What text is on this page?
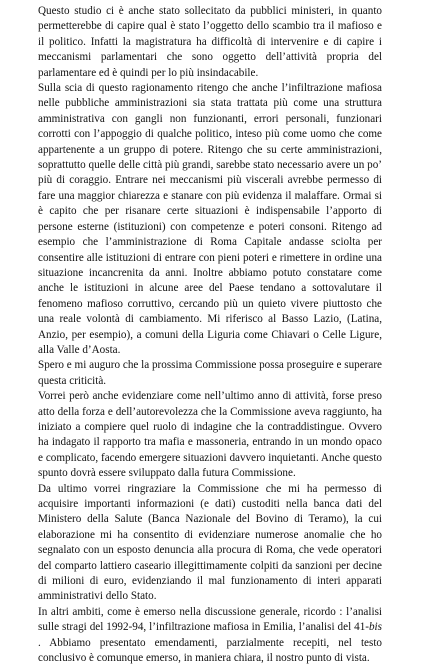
Questo studio ci è anche stato sollecitato da pubblici ministeri, in quanto permetterebbe di capire qual è stato l’oggetto dello scambio tra il mafioso e il politico. Infatti la magistratura ha difficoltà di intervenire e di capire i meccanismi parlamentari che sono oggetto dell’attività propria del parlamentare ed è quindi per lo più insindacabile.

Sulla scia di questo ragionamento ritengo che anche l’infiltrazione mafiosa nelle pubbliche amministrazioni sia stata trattata più come una struttura amministrativa con gangli non funzionanti, errori personali, funzionari corrotti con l’appoggio di qualche politico, inteso più come uomo che come appartenente a un gruppo di potere. Ritengo che su certe amministrazioni, soprattutto quelle delle città più grandi, sarebbe stato necessario avere un po’ più di coraggio. Entrare nei meccanismi più viscerali avrebbe permesso di fare una maggior chiarezza e stanare con più evidenza il malaffare. Ormai si è capito che per risanare certe situazioni è indispensabile l’apporto di persone esterne (istituzioni) con competenze e poteri consoni. Ritengo ad esempio che l’amministrazione di Roma Capitale andasse sciolta per consentire alle istituzioni di entrare con pieni poteri e rimettere in ordine una situazione incancrenita da anni. Inoltre abbiamo potuto constatare come anche le istituzioni in alcune aree del Paese tendano a sottovalutare il fenomeno mafioso corruttivo, cercando più un quieto vivere piuttosto che una reale volontà di cambiamento. Mi riferisco al Basso Lazio, (Latina, Anzio, per esempio), a comuni della Liguria come Chiavari o Celle Ligure, alla Valle d’Aosta.

Spero e mi auguro che la prossima Commissione possa proseguire e superare questa criticità.

Vorrei però anche evidenziare come nell’ultimo anno di attività, forse preso atto della forza e dell’autorevolezza che la Commissione aveva raggiunto, ha iniziato a compiere quel ruolo di indagine che la contraddistingue. Ovvero ha indagato il rapporto tra mafia e massoneria, entrando in un mondo opaco e complicato, facendo emergere situazioni davvero inquietanti. Anche questo spunto dovrà essere sviluppato dalla futura Commissione.

Da ultimo vorrei ringraziare la Commissione che mi ha permesso di acquisire importanti informazioni (e dati) custoditi nella banca dati del Ministero della Salute (Banca Nazionale del Bovino di Teramo), la cui elaborazione mi ha consentito di evidenziare numerose anomalie che ho segnalato con un esposto denuncia alla procura di Roma, che vede operatori del comparto lattiero caseario illegittimamente colpiti da sanzioni per decine di milioni di euro, evidenziando il mal funzionamento di interi apparati amministrativi dello Stato.

In altri ambiti, come è emerso nella discussione generale, ricordo : l’analisi sulle stragi del 1992-94, l’infiltrazione mafiosa in Emilia, l’analisi del 41-bis . Abbiamo presentato emendamenti, parzialmente recepiti, nel testo conclusivo è comunque emerso, in maniera chiara, il nostro punto di vista.
